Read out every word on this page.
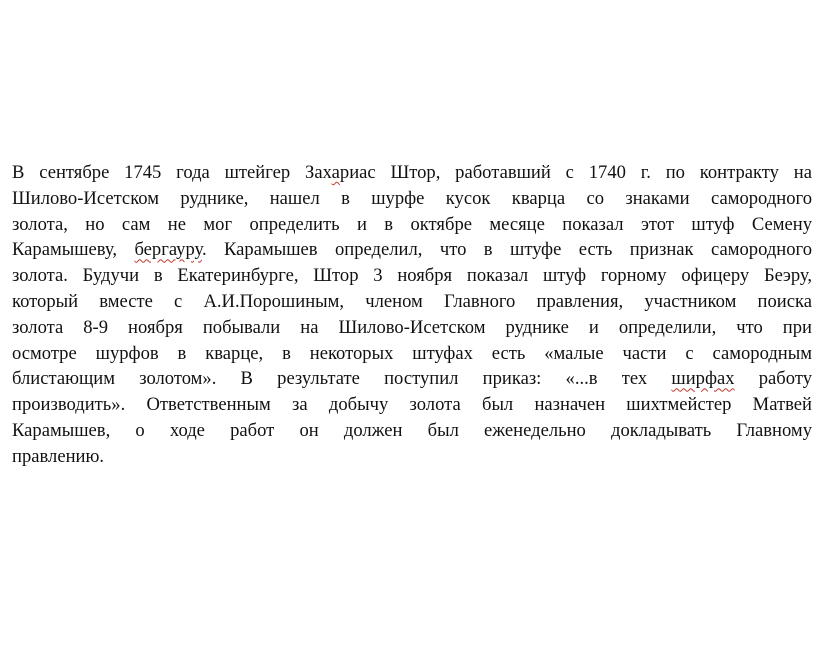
В сентябре 1745 года штейгер Захариас Штор, работавший с 1740 г. по контракту на
Шилово-Исетском руднике, нашел в шурфе кусок кварца со знаками самородного
золота, но сам не мог определить и в октябре месяце показал этот штуф Семену
Карамышеву, бергауру. Карамышев определил, что в штуфе есть признак самородного
золота. Будучи в Екатеринбурге, Штор 3 ноября показал штуф горному офицеру Беэру,
который вместе с А.И.Порошиным, членом Главного правления, участником поиска
золота 8-9 ноября побывали на Шилово-Исетском руднике и определили, что при
осмотре шурфов в кварце, в некоторых штуфах есть «малые части с самородным
блистающим золотом». В результате поступил приказ: «...в тех ширфах работу
производить». Ответственным за добычу золота был назначен шихтмейстер Матвей
Карамышев, о ходе работ он должен был еженедельно докладывать Главному
правлению.
